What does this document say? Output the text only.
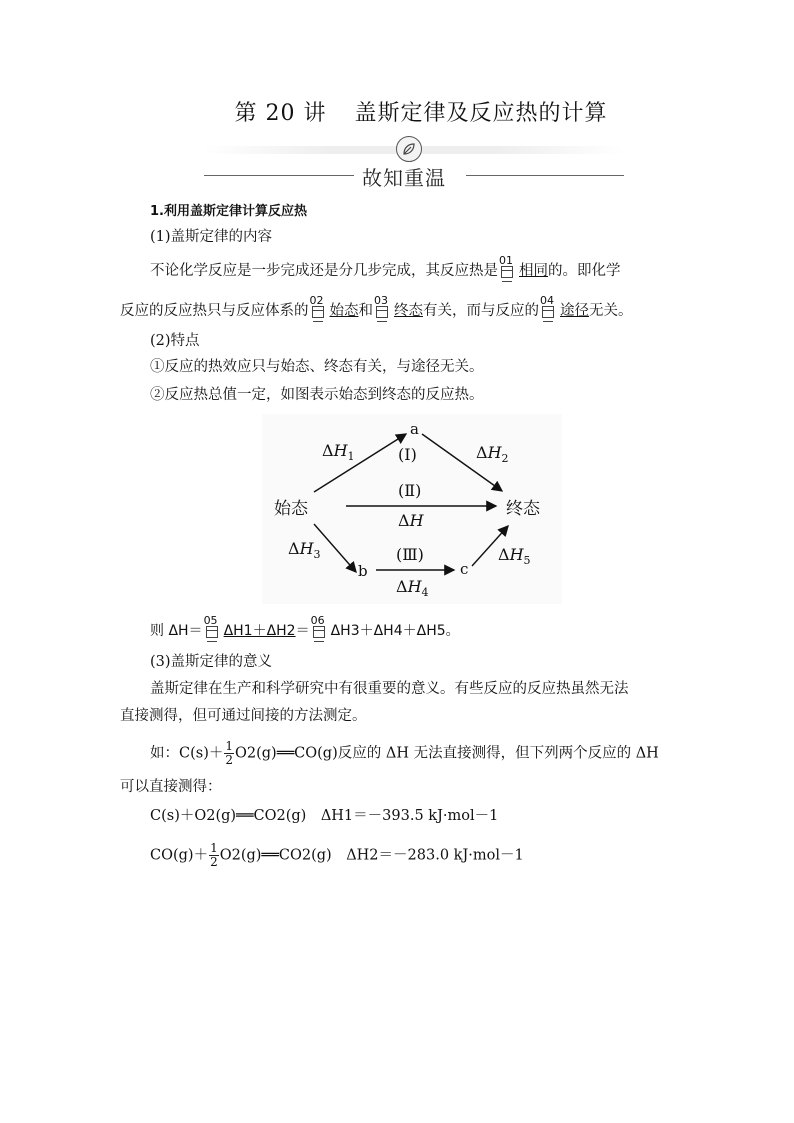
第 20 讲 盖斯定律及反应热的计算
故知重温
1.利用盖斯定律计算反应热
(1)盖斯定律的内容
不论化学反应是一步完成还是分几步完成，其反应热是
01
相同的。即化学
反应的反应热只与反应体系的
02
始态和
03
终态有关，而与反应的
04
途径无关。
(2)特点
①反应的热效应只与始态、终态有关，与途径无关。
②反应热总值一定，如图表示始态到终态的反应热。
a
始态	终态
b	c
(Ⅰ)
(Ⅱ)
(Ⅲ)
$\Delta H_1$	$\Delta H_2$
ΔH
$\Delta H_3$
$\Delta H_4$
$\Delta H_5$
则 ΔH＝
05
ΔH1＋ΔH2＝
06
ΔH3＋ΔH4＋ΔH5。
(3)盖斯定律的意义
盖斯定律在生产和科学研究中有很重要的意义。有些反应的反应热虽然无法
直接测得，但可通过间接的方法测定。
如：$C(s)+ \frac{1}{2}$ O2(g)══CO(g)反应的 ΔH 无法直接测得，但下列两个反应的 ΔH
可以直接测得：
C(s)＋O2(g)══CO2(g)　ΔH1＝－393.5 kJ·mol－1
$CO(g)+ \frac{1}{2}$ O2(g)══CO2(g)　ΔH2＝－283.0 kJ·mol－1
